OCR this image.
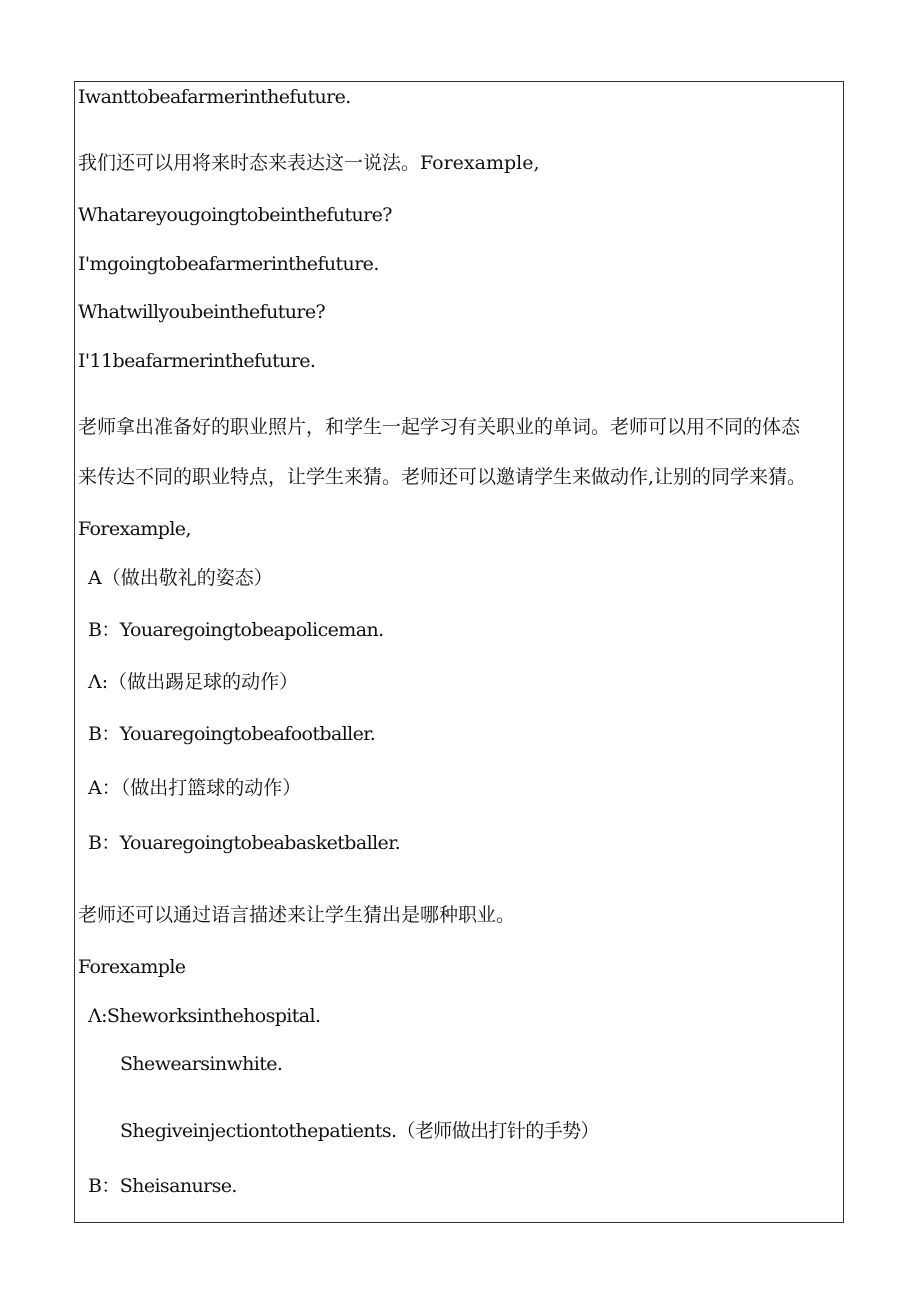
Iwanttobeafarmerinthefuture.
我们还可以用将来时态来表达这一说法。Forexample,
Whatareyougoingtobeinthefuture?
I'mgoingtobeafarmerinthefuture.
Whatwillyoubeinthefuture?
I'11beafarmerinthefuture.
老师拿出准备好的职业照片，和学生一起学习有关职业的单词。老师可以用不同的体态
来传达不同的职业特点，让学生来猜。老师还可以邀请学生来做动作,让别的同学来猜。
Forexample,
A（做出敬礼的姿态）
B：Youaregoingtobeapoliceman.
Λ:（做出踢足球的动作）
B：Youaregoingtobeafootballer.
A：（做出打篮球的动作）
B：Youaregoingtobeabasketballer.
老师还可以通过语言描述来让学生猜出是哪种职业。
Forexample
Λ:Sheworksinthehospital.
Shewearsinwhite.
Shegiveinjectiontothepatients.（老师做出打针的手势）
B：Sheisanurse.
